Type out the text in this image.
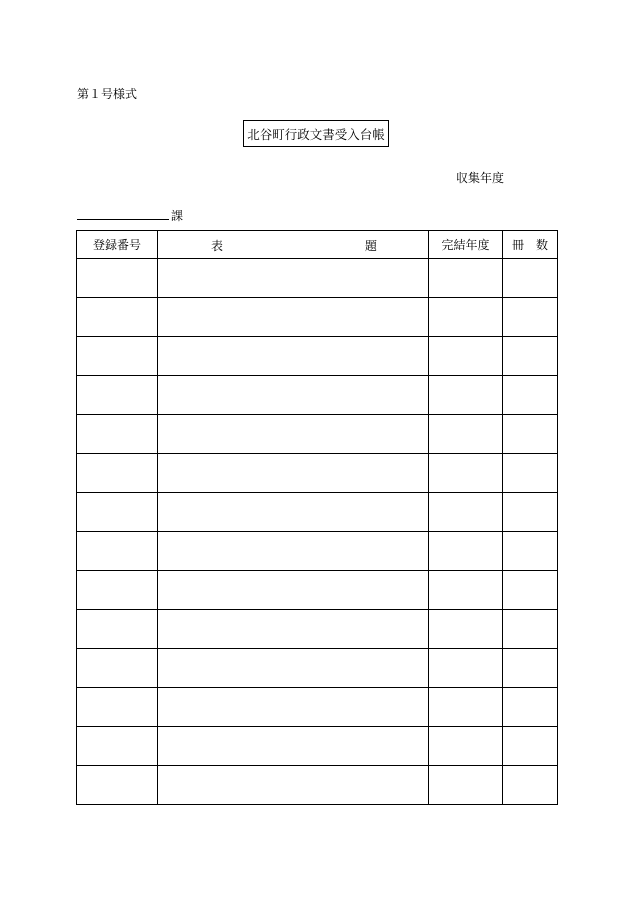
第１号様式
北谷町行政文書受入台帳
収集年度
課
登録番号	表 題	完結年度	冊　数
